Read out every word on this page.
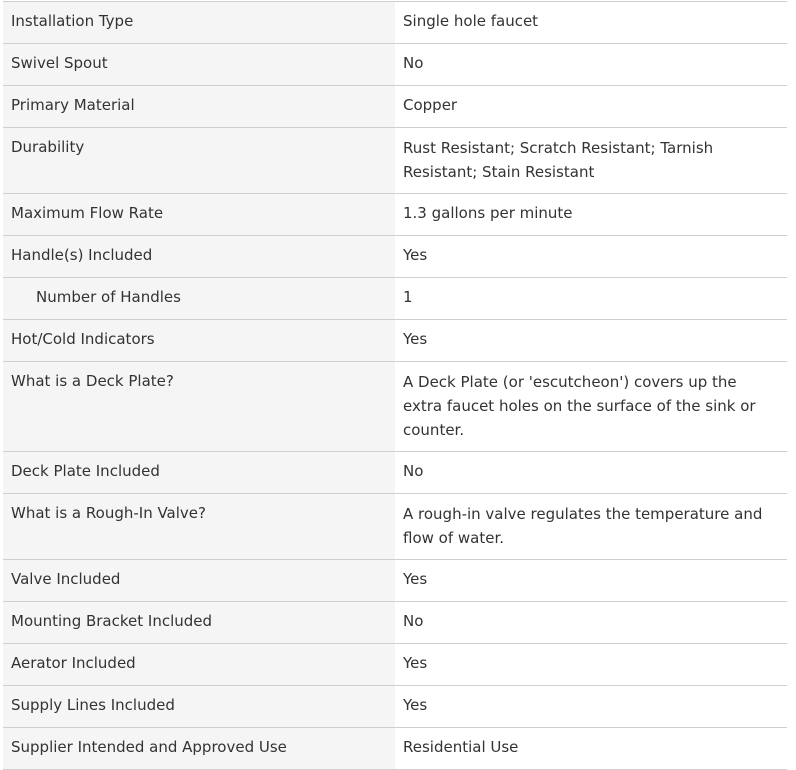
Installation Type	Single hole faucet
Swivel Spout	No
Primary Material	Copper
Durability	Rust Resistant; Scratch Resistant; Tarnish Resistant; Stain Resistant
Maximum Flow Rate	1.3 gallons per minute
Handle(s) Included	Yes
Number of Handles	1
Hot/Cold Indicators	Yes
What is a Deck Plate?	A Deck Plate (or 'escutcheon') covers up the extra faucet holes on the surface of the sink or counter.
Deck Plate Included	No
What is a Rough-In Valve?	A rough-in valve regulates the temperature and flow of water.
Valve Included	Yes
Mounting Bracket Included	No
Aerator Included	Yes
Supply Lines Included	Yes
Supplier Intended and Approved Use	Residential Use
